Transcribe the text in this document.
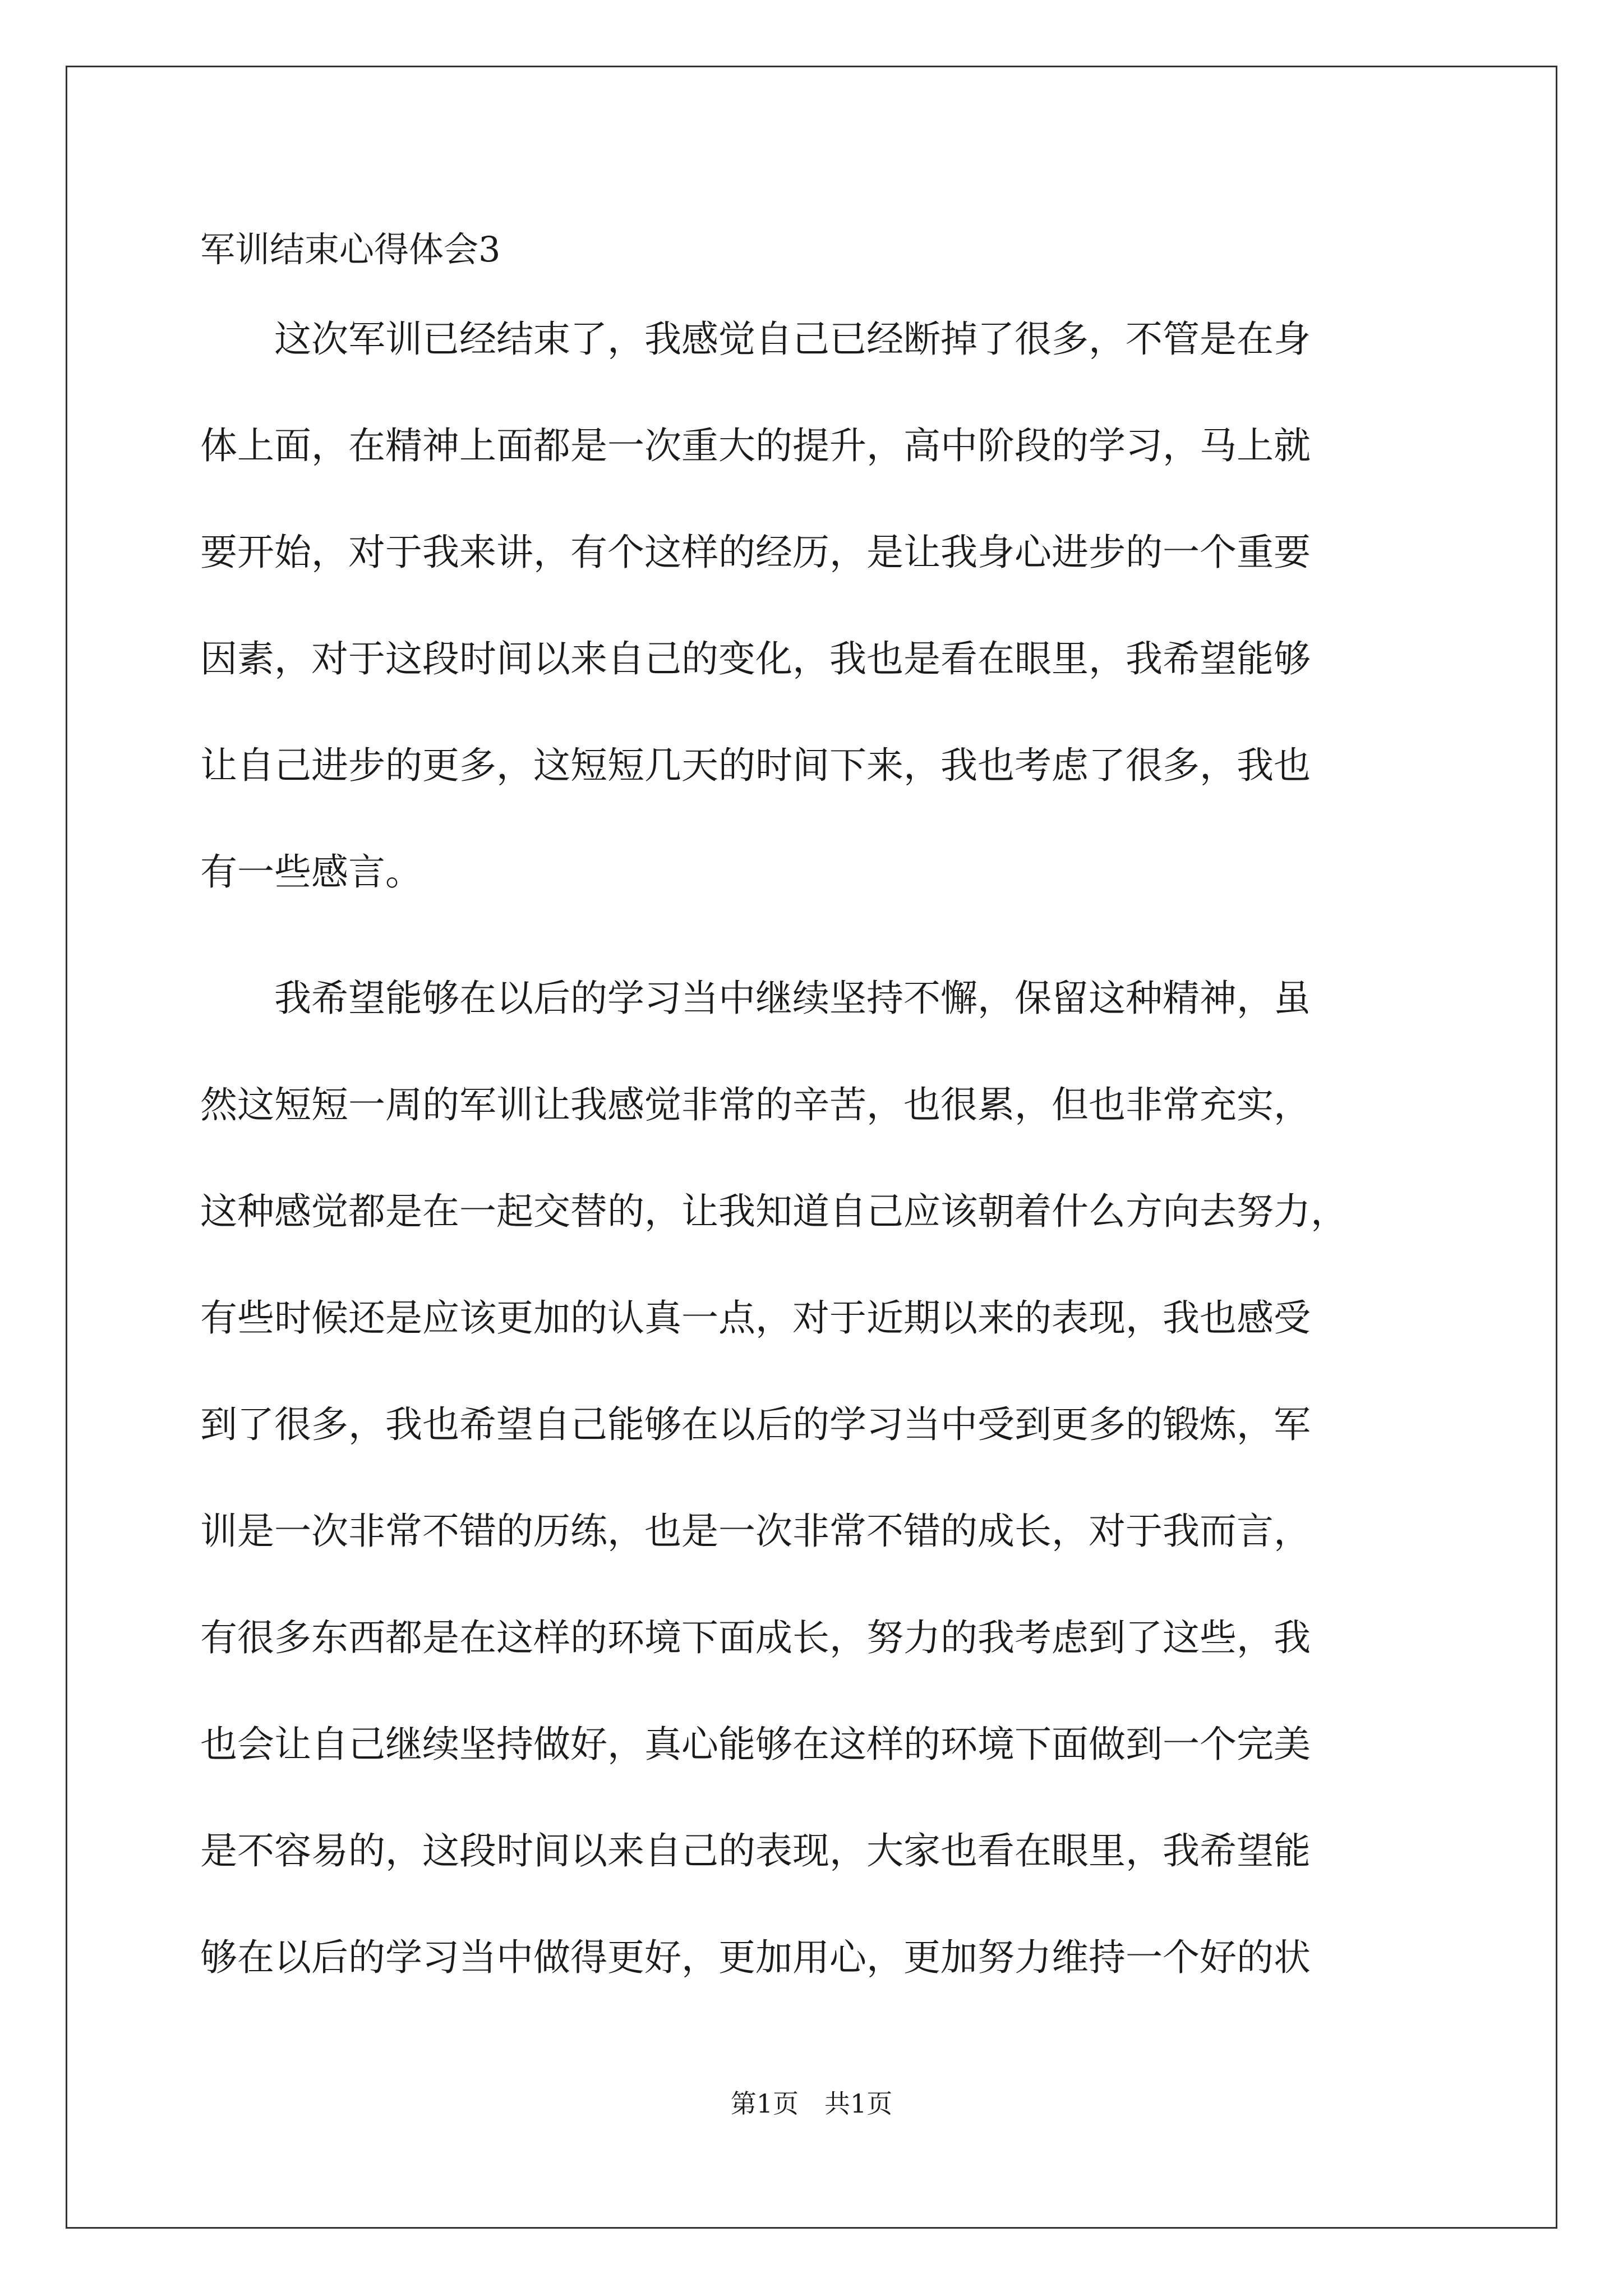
军训结束心得体会3

　　这次军训已经结束了，我感觉自己已经断掉了很多，不管是在身

体上面，在精神上面都是一次重大的提升，高中阶段的学习，马上就

要开始，对于我来讲，有个这样的经历，是让我身心进步的一个重要

因素，对于这段时间以来自己的变化，我也是看在眼里，我希望能够

让自己进步的更多，这短短几天的时间下来，我也考虑了很多，我也

有一些感言。

　　我希望能够在以后的学习当中继续坚持不懈，保留这种精神，虽

然这短短一周的军训让我感觉非常的辛苦，也很累，但也非常充实，

这种感觉都是在一起交替的，让我知道自己应该朝着什么方向去努力，

有些时候还是应该更加的认真一点，对于近期以来的表现，我也感受

到了很多，我也希望自己能够在以后的学习当中受到更多的锻炼，军

训是一次非常不错的历练，也是一次非常不错的成长，对于我而言，

有很多东西都是在这样的环境下面成长，努力的我考虑到了这些，我

也会让自己继续坚持做好，真心能够在这样的环境下面做到一个完美

是不容易的，这段时间以来自己的表现，大家也看在眼里，我希望能

够在以后的学习当中做得更好，更加用心，更加努力维持一个好的状

第1页　共1页
